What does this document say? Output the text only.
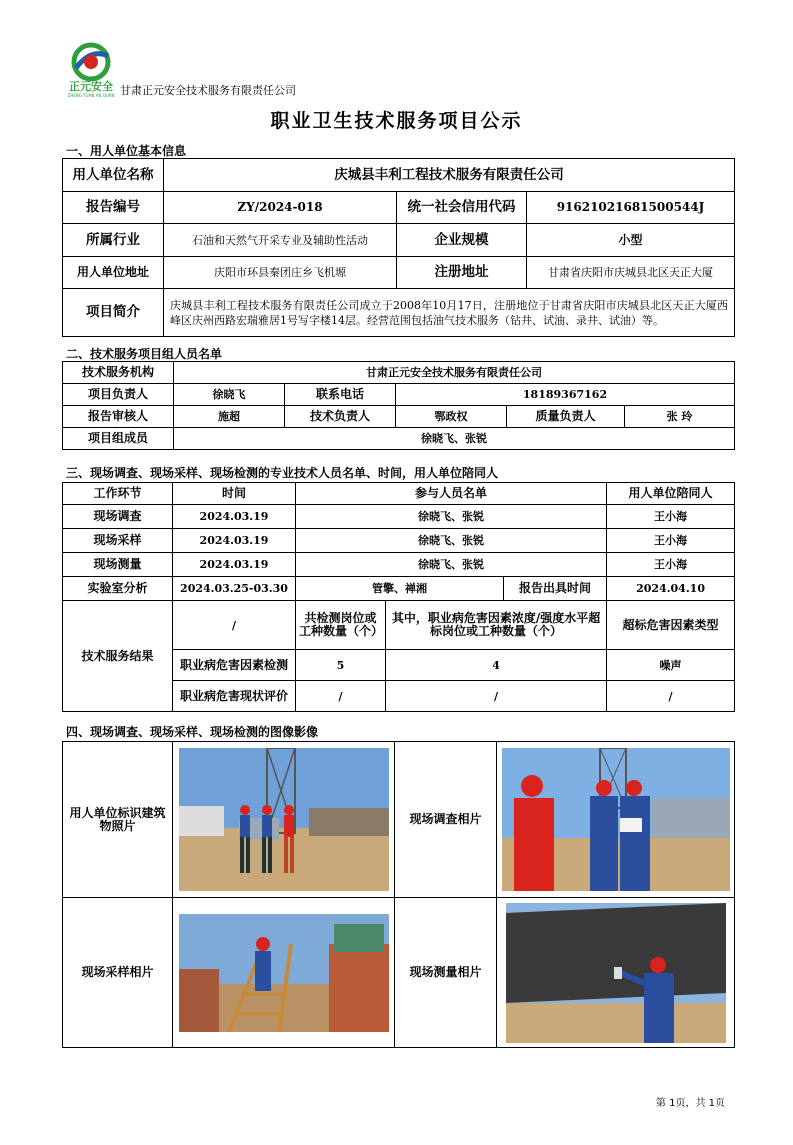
正元安全
ZHENG YUAN AN QUAN 甘肃正元安全技术服务有限责任公司
职业卫生技术服务项目公示
一、用人单位基本信息
用人单位名称	庆城县丰利工程技术服务有限责任公司		
报告编号	ZY/2024-018	统一社会信用代码	91621021681500544J
所属行业	石油和天然气开采专业及辅助性活动	企业规模	小型
用人单位地址	庆阳市环县秦团庄乡飞机塬	注册地址	甘肃省庆阳市庆城县北区天正大厦
项目简介	庆城县丰利工程技术服务有限责任公司成立于2008年10月17日，注册地位于甘肃省庆阳市庆城县北区天正大厦西峰区庆州西路宏瑞雅居1号写字楼14层。经营范围包括油气技术服务（钻井、试油、录井、试油）等。		
二、技术服务项目组人员名单
技术服务机构	甘肃正元安全技术服务有限责任公司				
项目负责人	徐晓飞	联系电话	18189367162		
报告审核人	施超	技术负责人	鄂政权	质量负责人	张 玲
项目组成员	徐晓飞、张锐				
三、现场调查、现场采样、现场检测的专业技术人员名单、时间，用人单位陪同人
工作环节	时间	参与人员名单			用人单位陪同人
现场调查	2024.03.19	徐晓飞、张锐			王小海
现场采样	2024.03.19	徐晓飞、张锐			王小海
现场测量	2024.03.19	徐晓飞、张锐			王小海
实验室分析	2024.03.25-03.30	管擎、禅湘		报告出具时间	2024.04.10
技术服务结果	/	共检测岗位或工种数量（个）	其中，职业病危害因素浓度/强度水平超标岗位或工种数量（个）		超标危害因素类型
	职业病危害因素检测	5	4		噪声
	职业病危害现状评价	/	/		/
四、现场调查、现场采样、现场检测的图像影像
用人单位标识建筑物照片		现场调查相片	

现场采样相片		现场测量相片	
第 1页，共 1页
